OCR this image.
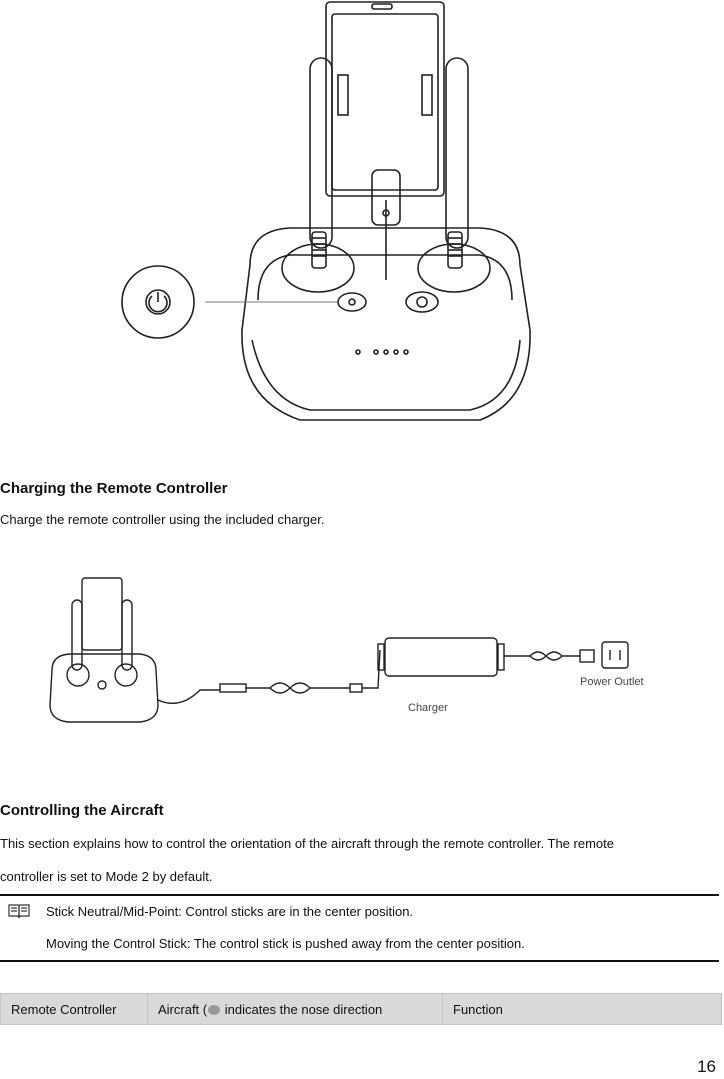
Charging the Remote Controller
Charge the remote controller using the included charger.
Charger
Power Outlet
Controlling the Aircraft
This section explains how to control the orientation of the aircraft through the remote controller. The remote
controller is set to Mode 2 by default.
Stick Neutral/Mid-Point: Control sticks are in the center position.
Moving the Control Stick: The control stick is pushed away from the center position.
Remote Controller	Aircraft ( indicates the nose direction	Function
16
